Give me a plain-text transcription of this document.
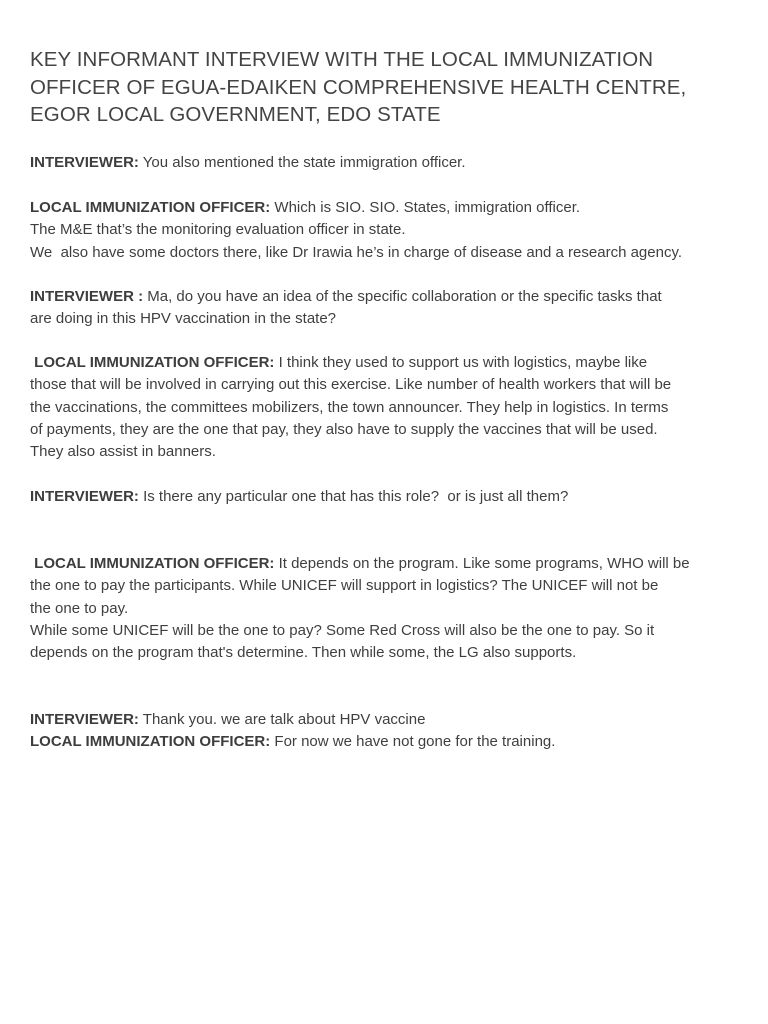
KEY INFORMANT INTERVIEW WITH THE LOCAL IMMUNIZATION
OFFICER OF EGUA-EDAIKEN COMPREHENSIVE HEALTH CENTRE,
EGOR LOCAL GOVERNMENT, EDO STATE
INTERVIEWER: You also mentioned the state immigration officer.
LOCAL IMMUNIZATION OFFICER: Which is SIO. SIO. States, immigration officer.
The M&E that’s the monitoring evaluation officer in state.
We  also have some doctors there, like Dr Irawia he’s in charge of disease and a research agency.
INTERVIEWER : Ma, do you have an idea of the specific collaboration or the specific tasks that
are doing in this HPV vaccination in the state?
LOCAL IMMUNIZATION OFFICER: I think they used to support us with logistics, maybe like
those that will be involved in carrying out this exercise. Like number of health workers that will be
the vaccinations, the committees mobilizers, the town announcer. They help in logistics. In terms
of payments, they are the one that pay, they also have to supply the vaccines that will be used.
They also assist in banners.
INTERVIEWER: Is there any particular one that has this role?  or is just all them?
LOCAL IMMUNIZATION OFFICER: It depends on the program. Like some programs, WHO will be
the one to pay the participants. While UNICEF will support in logistics? The UNICEF will not be
the one to pay.
While some UNICEF will be the one to pay? Some Red Cross will also be the one to pay. So it
depends on the program that's determine. Then while some, the LG also supports.
INTERVIEWER: Thank you. we are talk about HPV vaccine
LOCAL IMMUNIZATION OFFICER: For now we have not gone for the training.
